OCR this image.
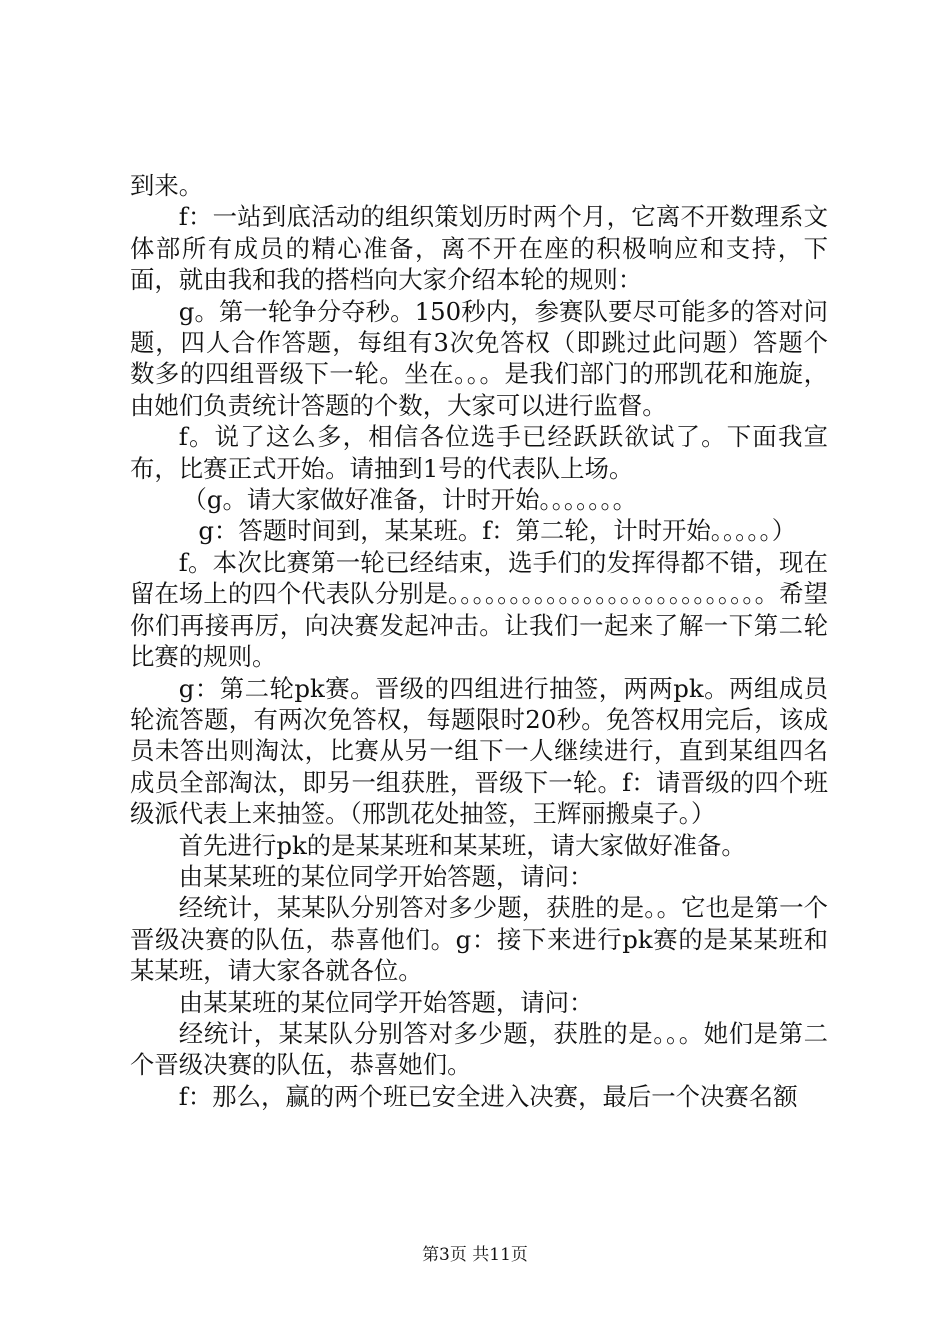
到来。

f：一站到底活动的组织策划历时两个月，它离不开数理系文体部所有成员的精心准备，离不开在座的积极响应和支持，下面，就由我和我的搭档向大家介绍本轮的规则：

g。第一轮争分夺秒。150秒内，参赛队要尽可能多的答对问题，四人合作答题，每组有3次免答权（即跳过此问题）答题个数多的四组晋级下一轮。坐在。。。是我们部门的邢凯花和施旋，由她们负责统计答题的个数，大家可以进行监督。

f。说了这么多，相信各位选手已经跃跃欲试了。下面我宣布，比赛正式开始。请抽到1号的代表队上场。

（g。请大家做好准备，计时开始。。。。。。。

g：答题时间到，某某班。f：第二轮，计时开始。。。。。）

f。本次比赛第一轮已经结束，选手们的发挥得都不错，现在留在场上的四个代表队分别是。。。。。。。。。。。。。。。。。。。。。。。。。。希望你们再接再厉，向决赛发起冲击。让我们一起来了解一下第二轮比赛的规则。

g：第二轮pk赛。晋级的四组进行抽签，两两pk。两组成员轮流答题，有两次免答权，每题限时20秒。免答权用完后，该成员未答出则淘汰，比赛从另一组下一人继续进行，直到某组四名成员全部淘汰，即另一组获胜，晋级下一轮。f：请晋级的四个班级派代表上来抽签。（邢凯花处抽签，王辉丽搬桌子。）

首先进行pk的是某某班和某某班，请大家做好准备。

由某某班的某位同学开始答题，请问：

经统计，某某队分别答对多少题，获胜的是。。它也是第一个晋级决赛的队伍，恭喜他们。g：接下来进行pk赛的是某某班和某某班，请大家各就各位。

由某某班的某位同学开始答题，请问：

经统计，某某队分别答对多少题，获胜的是。。。她们是第二个晋级决赛的队伍，恭喜她们。

f：那么，赢的两个班已安全进入决赛，最后一个决赛名额

第3页 共11页
